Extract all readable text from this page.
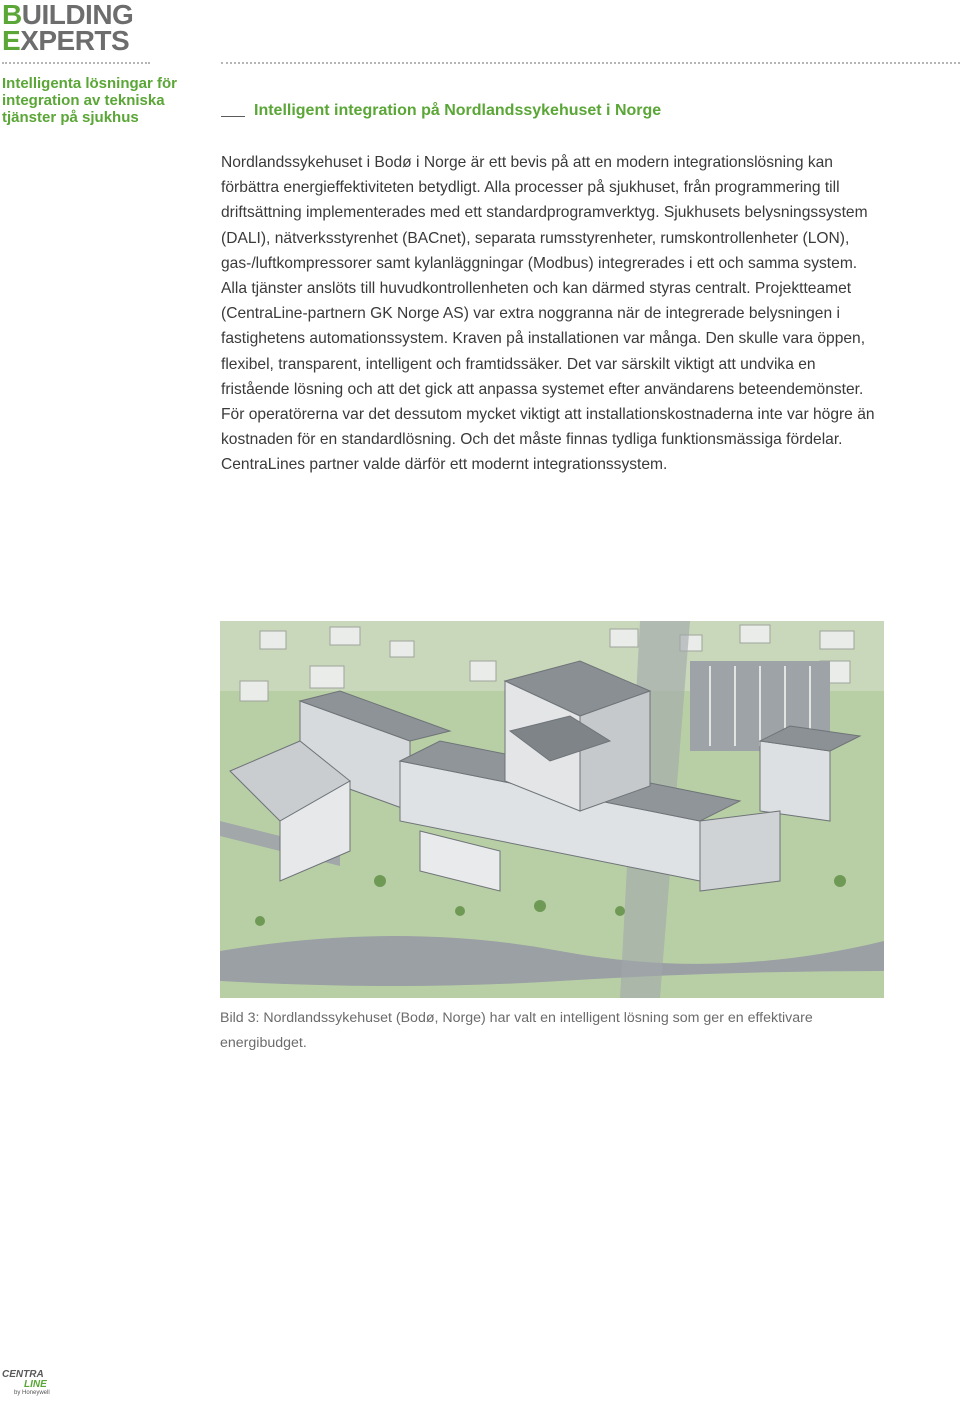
BUILDING
EXPERTS
Intelligenta lösningar för integration av tekniska tjänster på sjukhus	Intelligent integration på Nordlandssykehuset i Norge

Nordlandssykehuset i Bodø i Norge är ett bevis på att en modern integrationslösning kan förbättra energieffektiviteten betydligt. Alla processer på sjukhuset, från programmering till driftsättning implementerades med ett standardprogramverktyg. Sjukhusets belysningssystem (DALI), nätverksstyrenhet (BACnet), separata rumsstyrenheter, rumskontrollenheter (LON), gas-/luftkompressorer samt kylanläggningar (Modbus) integrerades i ett och samma system. Alla tjänster anslöts till huvudkontrollenheten och kan därmed styras centralt. Projektteamet (CentraLine-partnern GK Norge AS) var extra noggranna när de integrerade belysningen i fastighetens automationssystem. Kraven på installationen var många. Den skulle vara öppen, flexibel, transparent, intelligent och framtidssäker. Det var särskilt viktigt att undvika en fristående lösning och att det gick att anpassa systemet efter användarens beteendemönster. För operatörerna var det dessutom mycket viktigt att installationskostnaderna inte var högre än kostnaden för en standardlösning. Och det måste finnas tydliga funktionsmässiga fördelar. CentraLines partner valde därför ett modernt integrationssystem.

Bild 3: Nordlandssykehuset (Bodø, Norge) har valt en intelligent lösning som ger en effektivare energibudget.

CENTRA
LINE
by Honeywell
